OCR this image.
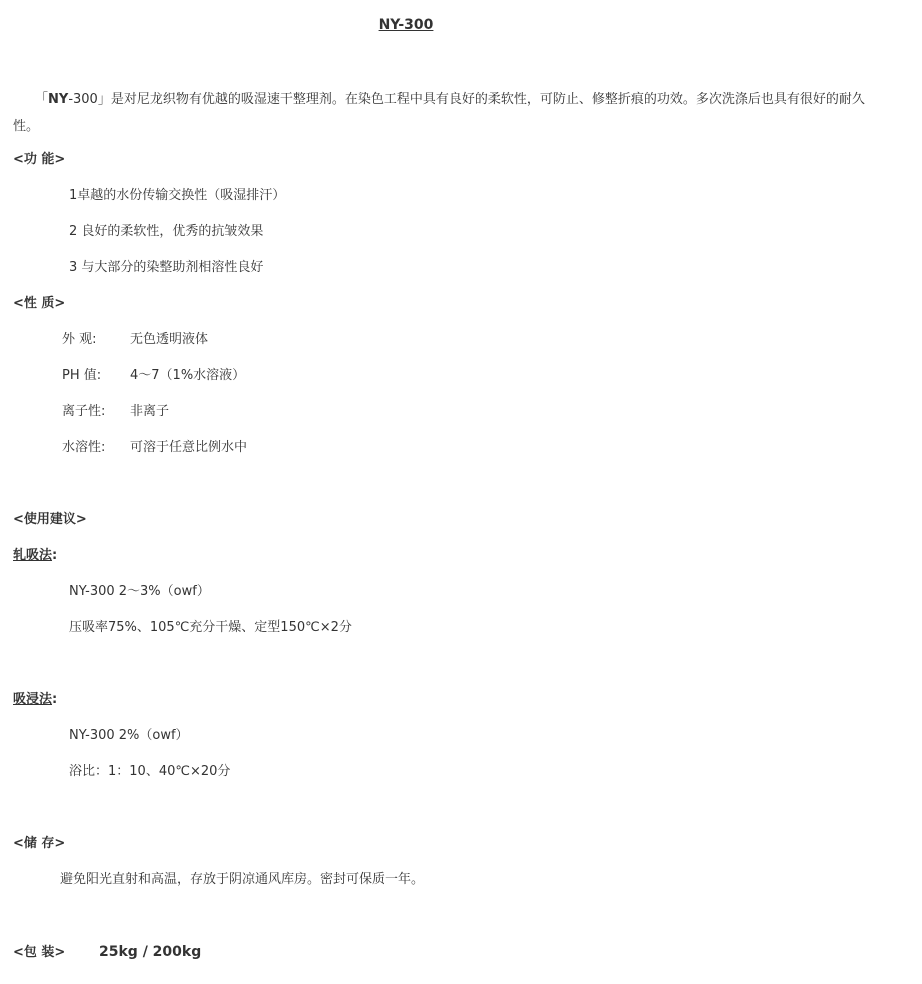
NY-300
「NY-300」是对尼龙织物有优越的吸湿速干整理剂。在染色工程中具有良好的柔软性，可防止、修整折痕的功效。多次洗涤后也具有很好的耐久性。
<功 能>
1卓越的水份传输交换性（吸湿排汗）
2 良好的柔软性，优秀的抗皱效果
3 与大部分的染整助剂相溶性良好
<性 质>
外 观:	无色透明液体
PH 值: 4～7（1%水溶液）
离子性: 非离子
水溶性: 可溶于任意比例水中
<使用建议>
轧吸法:
NY-300 2～3%（owf）
压吸率75%、105℃充分干燥、定型150℃×2分
吸浸法:
NY-300 2%（owf）
浴比：1：10、40℃×20分
<储 存>
避免阳光直射和高温，存放于阴凉通风库房。密封可保质一年。
<包 装> 25kg / 200kg
